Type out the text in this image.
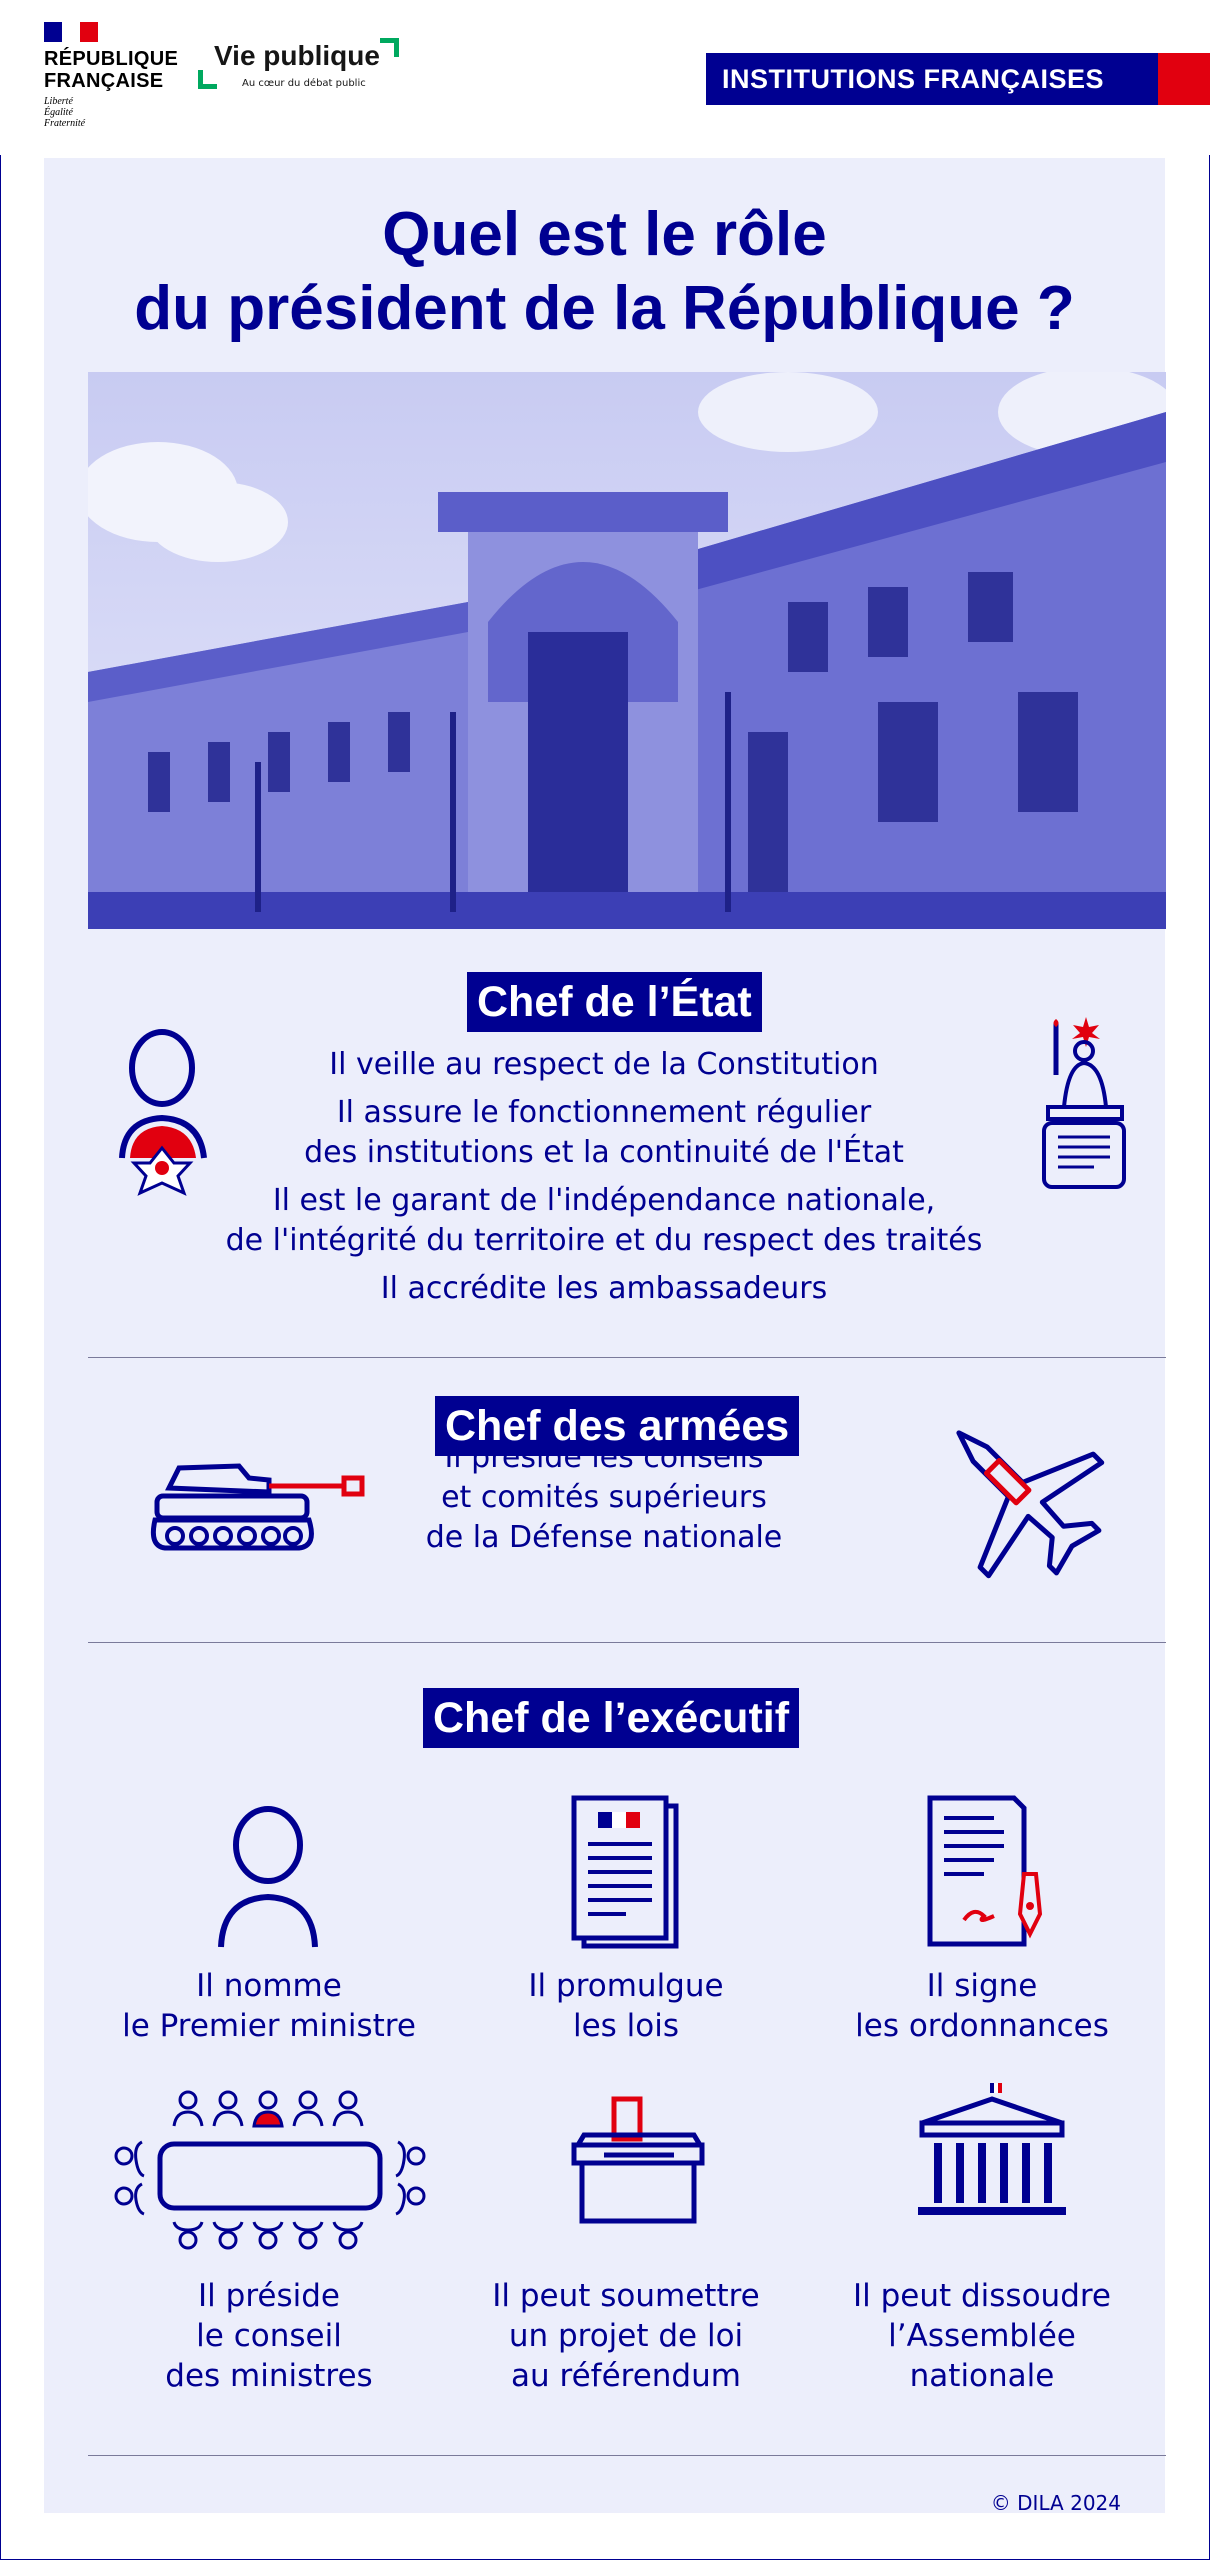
RÉPUBLIQUE
FRANÇAISE
Liberté
Égalité
Fraternité
Vie publique
Au cœur du débat public	INSTITUTIONS FRANÇAISES
Quel est le rôle
du président de la République ?
Chef de l’État

Il veille au respect de la Constitution

Il assure le fonctionnement régulier

des institutions et la continuité de l'État

Il est le garant de l'indépendance nationale,

de l'intégrité du territoire et du respect des traités

Il accrédite les ambassadeurs

Chef des armées

Il préside les conseils

et comités supérieurs

de la Défense nationale

Chef de l’exécutif

Il nomme

le Premier ministre

Il promulgue

les lois

Il signe

les ordonnances

Il préside

le conseil

des ministres

Il peut soumettre

un projet de loi

au référendum

Il peut dissoudre

l’Assemblée

nationale

© DILA 2024
